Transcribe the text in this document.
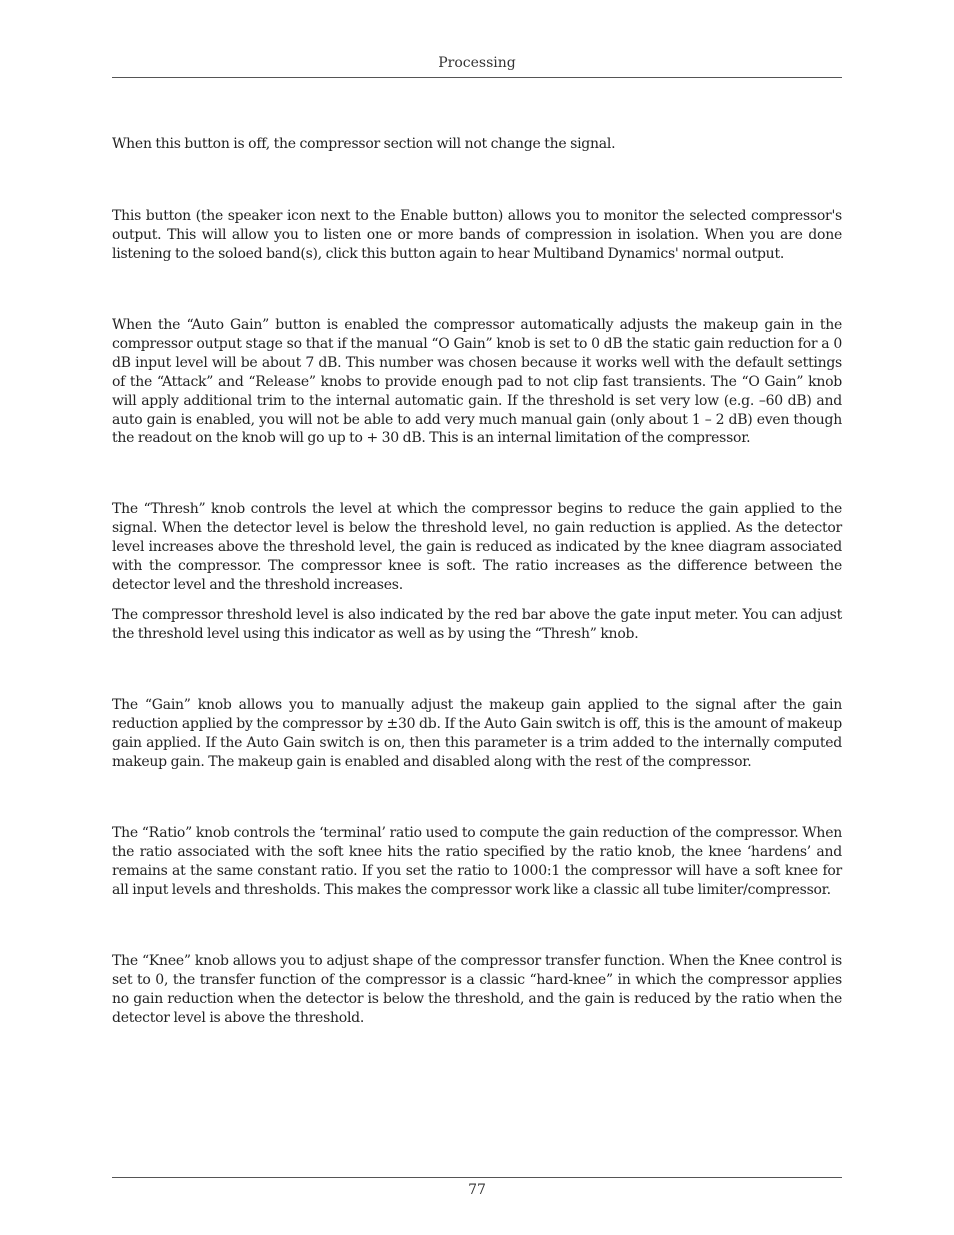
Processing

When this button is off, the compressor section will not change the signal.

This button (the speaker icon next to the Enable button) allows you to monitor the selected compressor's output. This will allow you to listen one or more bands of compression in isolation. When you are done listening to the soloed band(s), click this button again to hear Multiband Dynamics' normal output.

When the “Auto Gain” button is enabled the compressor automatically adjusts the makeup gain in the compressor output stage so that if the manual “O Gain” knob is set to 0 dB the static gain reduction for a 0 dB input level will be about 7 dB. This number was chosen because it works well with the default settings of the “Attack” and “Release” knobs to provide enough pad to not clip fast transients. The “O Gain” knob will apply additional trim to the internal automatic gain. If the threshold is set very low (e.g. –60 dB) and auto gain is enabled, you will not be able to add very much manual gain (only about 1 – 2 dB) even though the readout on the knob will go up to + 30 dB. This is an internal limitation of the compressor.

The “Thresh” knob controls the level at which the compressor begins to reduce the gain applied to the signal. When the detector level is below the threshold level, no gain reduction is applied. As the detector level increases above the threshold level, the gain is reduced as indicated by the knee diagram associated with the compressor. The compressor knee is soft. The ratio increases as the difference between the detector level and the threshold increases.

The compressor threshold level is also indicated by the red bar above the gate input meter. You can adjust the threshold level using this indicator as well as by using the “Thresh” knob.

The “Gain” knob allows you to manually adjust the makeup gain applied to the signal after the gain reduction applied by the compressor by ±30 db. If the Auto Gain switch is off, this is the amount of makeup gain applied. If the Auto Gain switch is on, then this parameter is a trim added to the internally computed makeup gain. The makeup gain is enabled and disabled along with the rest of the compressor.

The “Ratio” knob controls the ‘terminal’ ratio used to compute the gain reduction of the compressor. When the ratio associated with the soft knee hits the ratio specified by the ratio knob, the knee ‘hardens’ and remains at the same constant ratio. If you set the ratio to 1000:1 the compressor will have a soft knee for all input levels and thresholds. This makes the compressor work like a classic all tube limiter/compressor.

The “Knee” knob allows you to adjust shape of the compressor transfer function. When the Knee control is set to 0, the transfer function of the compressor is a classic “hard-knee” in which the compressor applies no gain reduction when the detector is below the threshold, and the gain is reduced by the ratio when the detector level is above the threshold.

77
